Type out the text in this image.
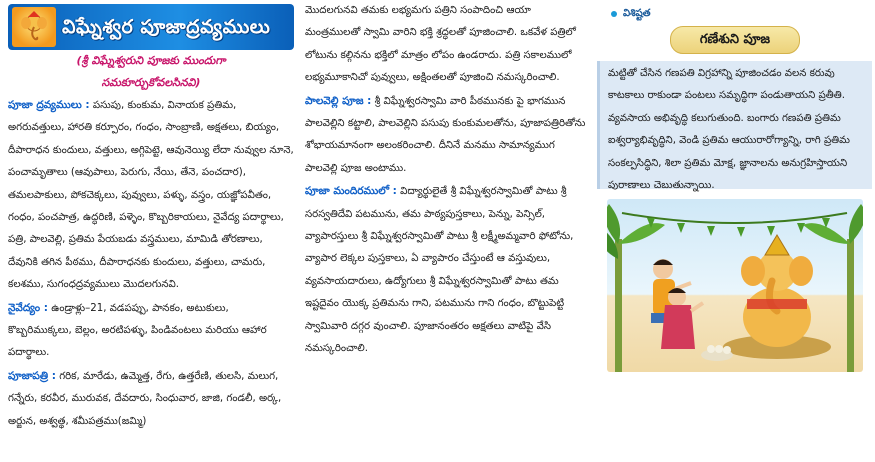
విఘ్నేశ్వర పూజాద్రవ్యములు

(శ్రీ విఘ్నేశ్వరుని పూజకు ముందుగా
సమకూర్చుకోవలసినవి)

పూజా ద్రవ్యములు : పసుపు, కుంకుమ, వినాయక ప్రతిమ, అగరువత్తులు, హారతి కర్పూరం, గంధం, సాంబ్రాణి, అక్షతలు, బియ్యం, దీపారాధన కుందులు, వత్తులు, అగ్గిపెట్టె, ఆవునెయ్యి లేదా నువ్వుల నూనె, పంచామృతాలు (ఆవుపాలు, పెరుగు, నేయి, తేనె, పంచదార), తమలపాకులు, పోకచెక్కలు, పువ్వులు, పళ్ళు, వస్త్రం, యజ్ఞోపవీతం, గంధం, పంచపాత్ర, ఉద్ధరిణి, పళ్ళెం, కొబ్బరికాయలు, నైవేద్య పదార్థాలు, పత్రి, పాలవెల్లి, ప్రతిమ పేయబడు వస్త్రములు, మామిడి తోరణాలు, దేవునికి తగిన పీఠము, దీపారాధనకు కుందులు, వత్తులు, చామరు, కలశము, సుగంధద్రవ్యములు మొదలగునవి.

నైవేద్యం : ఉండ్రాళ్లు–21, వడపప్పు, పానకం, అటుకులు, కొబ్బరిముక్కలు, బెల్లం, అరటిపళ్ళు, పిండివంటలు మరియు ఆహార పదార్థాలు.

పూజాపత్రి : గరిక, మారేడు, ఉమ్మెత్త, రేగు, ఉత్తరేణి, తులసి, మలుగ, గన్నేరు, కరవీర, మురువక, దేవదారు, సింధువార, జాజి, గండలీ, అర్క, అర్జున, అశ్వత్థ, శమీపత్రము(జమ్మి)

మొదలగునవి తమకు లభ్యమగు పత్రిని సంపాదించి ఆయా మంత్రములతో స్వామి వారిని భక్తి శ్రద్ధలతో పూజించాలి. ఒకవేళ పత్రిలో లోటును కల్గినను భక్తిలో మాత్రం లోపం ఉండరాదు. పత్రి సకాలములో లభ్యమూకానిచో పువ్వులు, అక్షింతలతో పూజించి నమస్కరించాలి.

పాలవెల్లి పూజ : శ్రీ విఘ్నేశ్వరస్వామి వారి పీఠమునకు పై భాగమున పాలవెల్లిని కట్టాలి, పాలవెల్లిని పసుపు కుంకుమలతోను, పూజాపత్రిరితోను శోభాయమానంగా అలంకరించాలి. దీనినే మనము సామాన్యముగ పాలవెల్లి పూజ అంటాము.

పూజా మందిరములో : విద్యార్థులైతే శ్రీ విఘ్నేశ్వరస్వామితో పాటు శ్రీ సరస్వతిదేవి పటమును, తమ పాఠ్యపుస్తకాలు, పెన్ను, పెన్సిల్, వ్యాపారస్తులు శ్రీ విఘ్నేశ్వరస్వామితో పాటు శ్రీ లక్ష్మీఅమ్మవారి ఫోటోను, వ్యాపార లెక్కల పుస్తకాలు, ఏ వ్యాపారం చేస్తుంటే ఆ వస్తువులు, వ్యవసాయదారులు, ఉద్యోగులు శ్రీ విఘ్నేశ్వరస్వామితో పాటు తమ ఇష్టదైవం యొక్క ప్రతిమను గాని, పటమును గాని గంధం, బొట్టుపెట్టి స్వామివారి దగ్గర వుంచాలి. పూజానంతరం అక్షతలు వాటిపై వేసి నమస్కరించాలి.

విశిష్టత
గణేశుని పూజ
మట్టితో చేసిన గణపతి విగ్రహాన్ని పూజించడం వలన కరువు కాటకాలు రాకుండా పంటలు సమృద్ధిగా పండుతాయని ప్రతీతి. వ్యవసాయ అభివృద్ధి కలుగుతుంది. బంగారు గణపతి ప్రతిమ ఐశ్వర్యాభివృద్ధిని, వెండి ప్రతిమ ఆయురారోగ్యాన్ని, రాగి ప్రతిమ సంకల్పసిద్ధిని, శిలా ప్రతిమ మోక్ష, జ్ఞానాలను అనుగ్రహిస్తాయని పురాణాలు చెబుతున్నాయి.
